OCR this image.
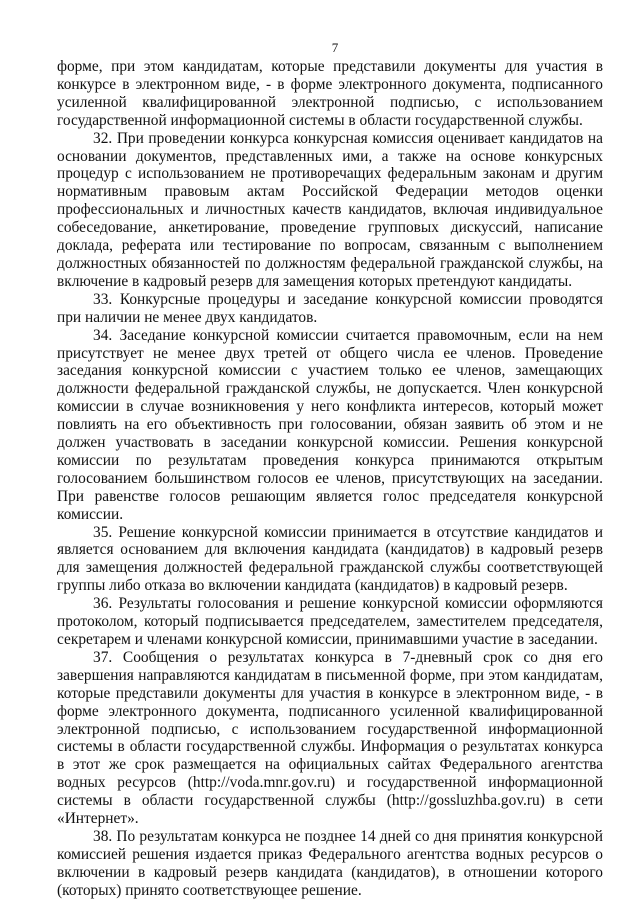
7

форме, при этом кандидатам, которые представили документы для участия в конкурсе в электронном виде, - в форме электронного документа, подписанного усиленной квалифицированной электронной подписью, с использованием государственной информационной системы в области государственной службы.

32. При проведении конкурса конкурсная комиссия оценивает кандидатов на основании документов, представленных ими, а также на основе конкурсных процедур с использованием не противоречащих федеральным законам и другим нормативным правовым актам Российской Федерации методов оценки профессиональных и личностных качеств кандидатов, включая индивидуальное собеседование, анкетирование, проведение групповых дискуссий, написание доклада, реферата или тестирование по вопросам, связанным с выполнением должностных обязанностей по должностям федеральной гражданской службы, на включение в кадровый резерв для замещения которых претендуют кандидаты.

33. Конкурсные процедуры и заседание конкурсной комиссии проводятся при наличии не менее двух кандидатов.

34. Заседание конкурсной комиссии считается правомочным, если на нем присутствует не менее двух третей от общего числа ее членов. Проведение заседания конкурсной комиссии с участием только ее членов, замещающих должности федеральной гражданской службы, не допускается. Член конкурсной комиссии в случае возникновения у него конфликта интересов, который может повлиять на его объективность при голосовании, обязан заявить об этом и не должен участвовать в заседании конкурсной комиссии. Решения конкурсной комиссии по результатам проведения конкурса принимаются открытым голосованием большинством голосов ее членов, присутствующих на заседании. При равенстве голосов решающим является голос председателя конкурсной комиссии.

35. Решение конкурсной комиссии принимается в отсутствие кандидатов и является основанием для включения кандидата (кандидатов) в кадровый резерв для замещения должностей федеральной гражданской службы соответствующей группы либо отказа во включении кандидата (кандидатов) в кадровый резерв.

36. Результаты голосования и решение конкурсной комиссии оформляются протоколом, который подписывается председателем, заместителем председателя, секретарем и членами конкурсной комиссии, принимавшими участие в заседании.

37. Сообщения о результатах конкурса в 7-дневный срок со дня его завершения направляются кандидатам в письменной форме, при этом кандидатам, которые представили документы для участия в конкурсе в электронном виде, - в форме электронного документа, подписанного усиленной квалифицированной электронной подписью, с использованием государственной информационной системы в области государственной службы. Информация о результатах конкурса в этот же срок размещается на официальных сайтах Федерального агентства водных ресурсов (http://voda.mnr.gov.ru) и государственной информационной системы в области государственной службы (http://gossluzhba.gov.ru) в сети «Интернет».

38. По результатам конкурса не позднее 14 дней со дня принятия конкурсной комиссией решения издается приказ Федерального агентства водных ресурсов о включении в кадровый резерв кандидата (кандидатов), в отношении которого (которых) принято соответствующее решение.
